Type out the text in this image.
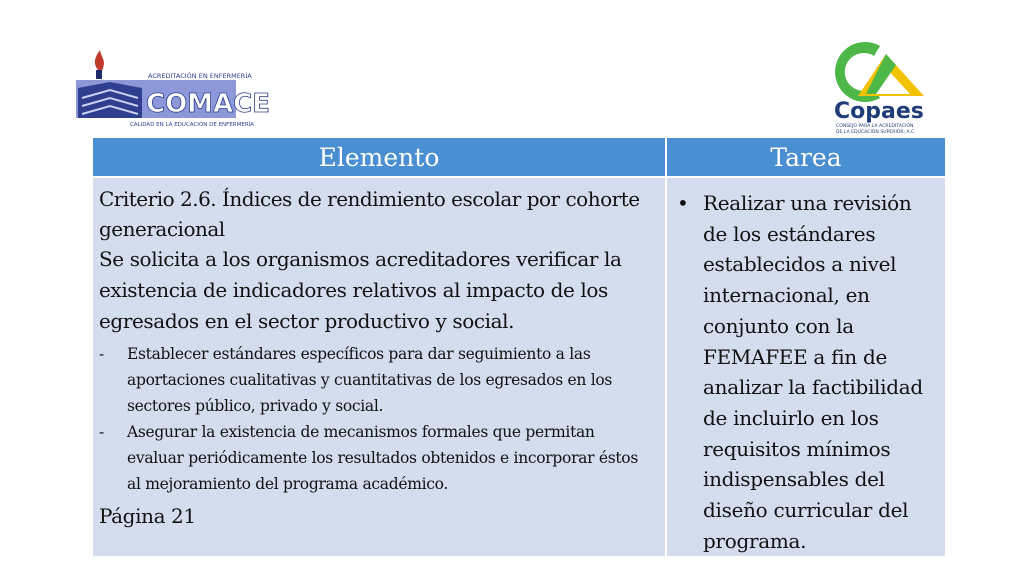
COMACE
ACREDITACIÓN EN ENFERMERÍA
CALIDAD EN LA EDUCACIÓN DE ENFERMERÍA
Copaes
CONSEJO PARA LA ACREDITACIÓN
DE LA EDUCACIÓN SUPERIOR, A.C.
Elemento	Tarea
Criterio 2.6. Índices de rendimiento escolar por cohorte generacional
Se solicita a los organismos acreditadores verificar la existencia de indicadores relativos al impacto de los egresados en el sector productivo y social.
- Establecer estándares específicos para dar seguimiento a las aportaciones cualitativas y cuantitativas de los egresados en los sectores público, privado y social.
- Asegurar la existencia de mecanismos formales que permitan evaluar periódicamente los resultados obtenidos e incorporar éstos al mejoramiento del programa académico.
Página 21
• Realizar una revisión de los estándares establecidos a nivel internacional, en conjunto con la FEMAFEE a fin de analizar la factibilidad de incluirlo en los requisitos mínimos indispensables del diseño curricular del programa.
